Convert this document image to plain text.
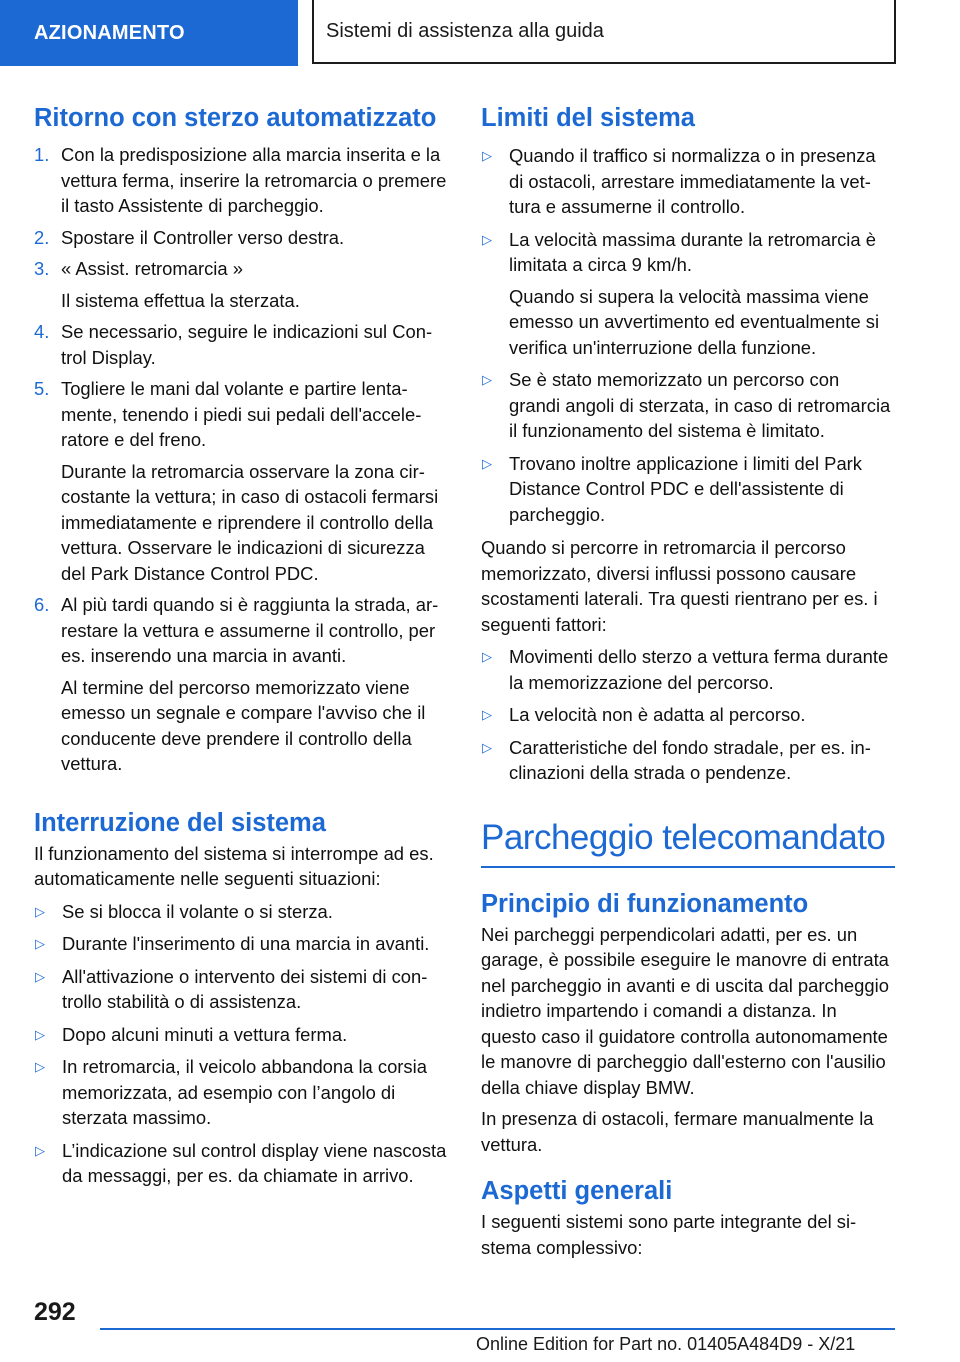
AZIONAMENTO	Sistemi di assistenza alla guida
Ritorno con sterzo automatizzato
1. Con la predisposizione alla marcia inserita e la vettura ferma, inserire la retromarcia o premere il tasto Assistente di parcheggio.
2. Spostare il Controller verso destra.
3. « Assist. retromarcia »
Il sistema effettua la sterzata.
4. Se necessario, seguire le indicazioni sul Control Display.
5. Togliere le mani dal volante e partire lentamente, tenendo i piedi sui pedali dell'acceleratore e del freno.
Durante la retromarcia osservare la zona circostante la vettura; in caso di ostacoli fermarsi immediatamente e riprendere il controllo della vettura. Osservare le indicazioni di sicurezza del Park Distance Control PDC.
6. Al più tardi quando si è raggiunta la strada, arrestare la vettura e assumerne il controllo, per es. inserendo una marcia in avanti.
Al termine del percorso memorizzato viene emesso un segnale e compare l'avviso che il conducente deve prendere il controllo della vettura.
Interruzione del sistema

Il funzionamento del sistema si interrompe ad es. automaticamente nelle seguenti situazioni:

▷ Se si blocca il volante o si sterza.
▷ Durante l'inserimento di una marcia in avanti.
▷ All'attivazione o intervento dei sistemi di controllo stabilità o di assistenza.
▷ Dopo alcuni minuti a vettura ferma.
▷ In retromarcia, il veicolo abbandona la corsia memorizzata, ad esempio con l’angolo di sterzata massimo.
▷ L’indicazione sul control display viene nascosta da messaggi, per es. da chiamate in arrivo.
Limiti del sistema
▷ Quando il traffico si normalizza o in presenza di ostacoli, arrestare immediatamente la vettura e assumerne il controllo.
▷ La velocità massima durante la retromarcia è limitata a circa 9 km/h.
Quando si supera la velocità massima viene emesso un avvertimento ed eventualmente si verifica un'interruzione della funzione.
▷ Se è stato memorizzato un percorso con grandi angoli di sterzata, in caso di retromarcia il funzionamento del sistema è limitato.
▷ Trovano inoltre applicazione i limiti del Park Distance Control PDC e dell'assistente di parcheggio.

Quando si percorre in retromarcia il percorso memorizzato, diversi influssi possono causare scostamenti laterali. Tra questi rientrano per es. i seguenti fattori:

▷ Movimenti dello sterzo a vettura ferma durante la memorizzazione del percorso.
▷ La velocità non è adatta al percorso.
▷ Caratteristiche del fondo stradale, per es. inclinazioni della strada o pendenze.
Parcheggio telecomandato
Principio di funzionamento

Nei parcheggi perpendicolari adatti, per es. un garage, è possibile eseguire le manovre di entrata nel parcheggio in avanti e di uscita dal parcheggio indietro impartendo i comandi a distanza. In questo caso il guidatore controlla autonomamente le manovre di parcheggio dall'esterno con l'ausilio della chiave display BMW.

In presenza di ostacoli, fermare manualmente la vettura.

Aspetti generali

I seguenti sistemi sono parte integrante del sistema complessivo:

292
Online Edition for Part no. 01405A484D9 - X/21
